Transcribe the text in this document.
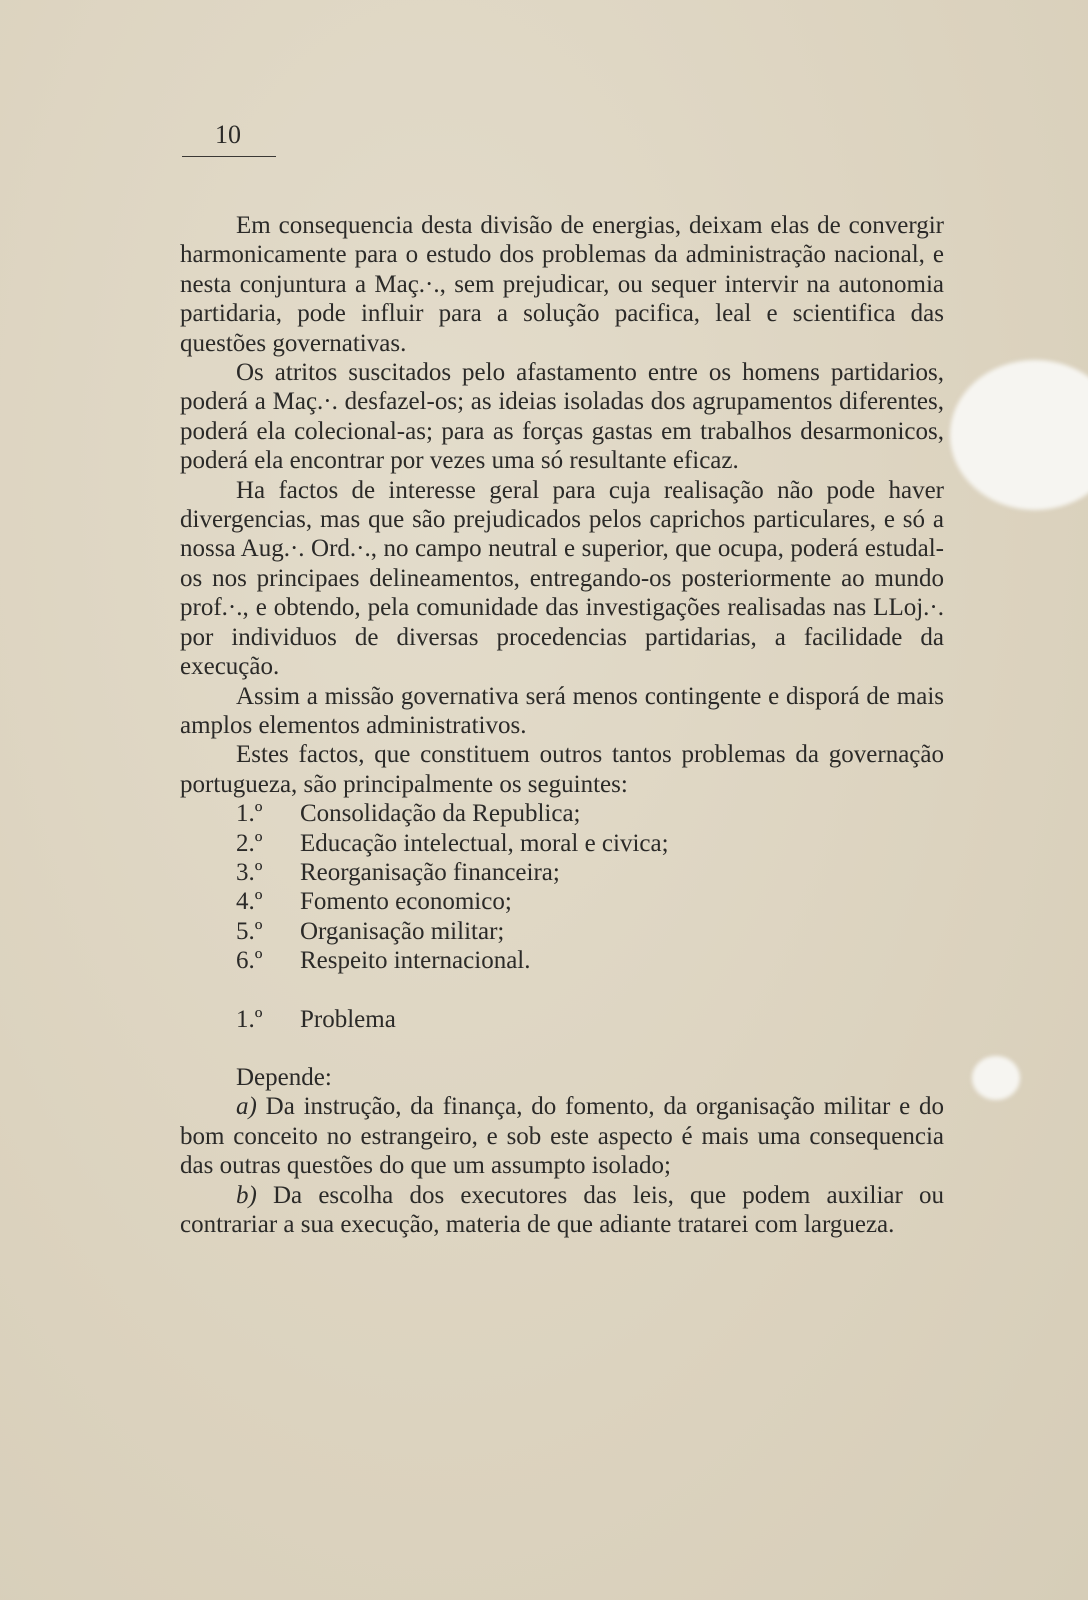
10

Em consequencia desta divisão de energias, deixam elas de convergir harmonicamente para o estudo dos problemas da administração nacional, e nesta conjuntura a Maç.·., sem prejudicar, ou sequer intervir na autonomia partidaria, pode influir para a solução pacifica, leal e scientifica das questões governativas.

Os atritos suscitados pelo afastamento entre os homens partidarios, poderá a Maç.·. desfazel-os; as ideias isoladas dos agrupamentos diferentes, poderá ela colecional-as; para as forças gastas em trabalhos desarmonicos, poderá ela encontrar por vezes uma só resultante eficaz.

Ha factos de interesse geral para cuja realisação não pode haver divergencias, mas que são prejudicados pelos caprichos particulares, e só a nossa Aug.·. Ord.·., no campo neutral e superior, que ocupa, poderá estudal-os nos principaes delineamentos, entregando-os posteriormente ao mundo prof.·., e obtendo, pela comunidade das investigações realisadas nas LLoj.·. por individuos de diversas procedencias partidarias, a facilidade da execução.

Assim a missão governativa será menos contingente e disporá de mais amplos elementos administrativos.

Estes factos, que constituem outros tantos problemas da governação portugueza, são principalmente os seguintes:

1.º	Consolidação da Republica;
2.º	Educação intelectual, moral e civica;
3.º	Reorganisação financeira;
4.º	Fomento economico;
5.º	Organisação militar;
6.º	Respeito internacional.
1.º	Problema
Depende:

a) Da instrução, da finança, do fomento, da organisação militar e do bom conceito no estrangeiro, e sob este aspecto é mais uma consequencia das outras questões do que um assumpto isolado;

b) Da escolha dos executores das leis, que podem auxiliar ou contrariar a sua execução, materia de que adiante tratarei com largueza.
